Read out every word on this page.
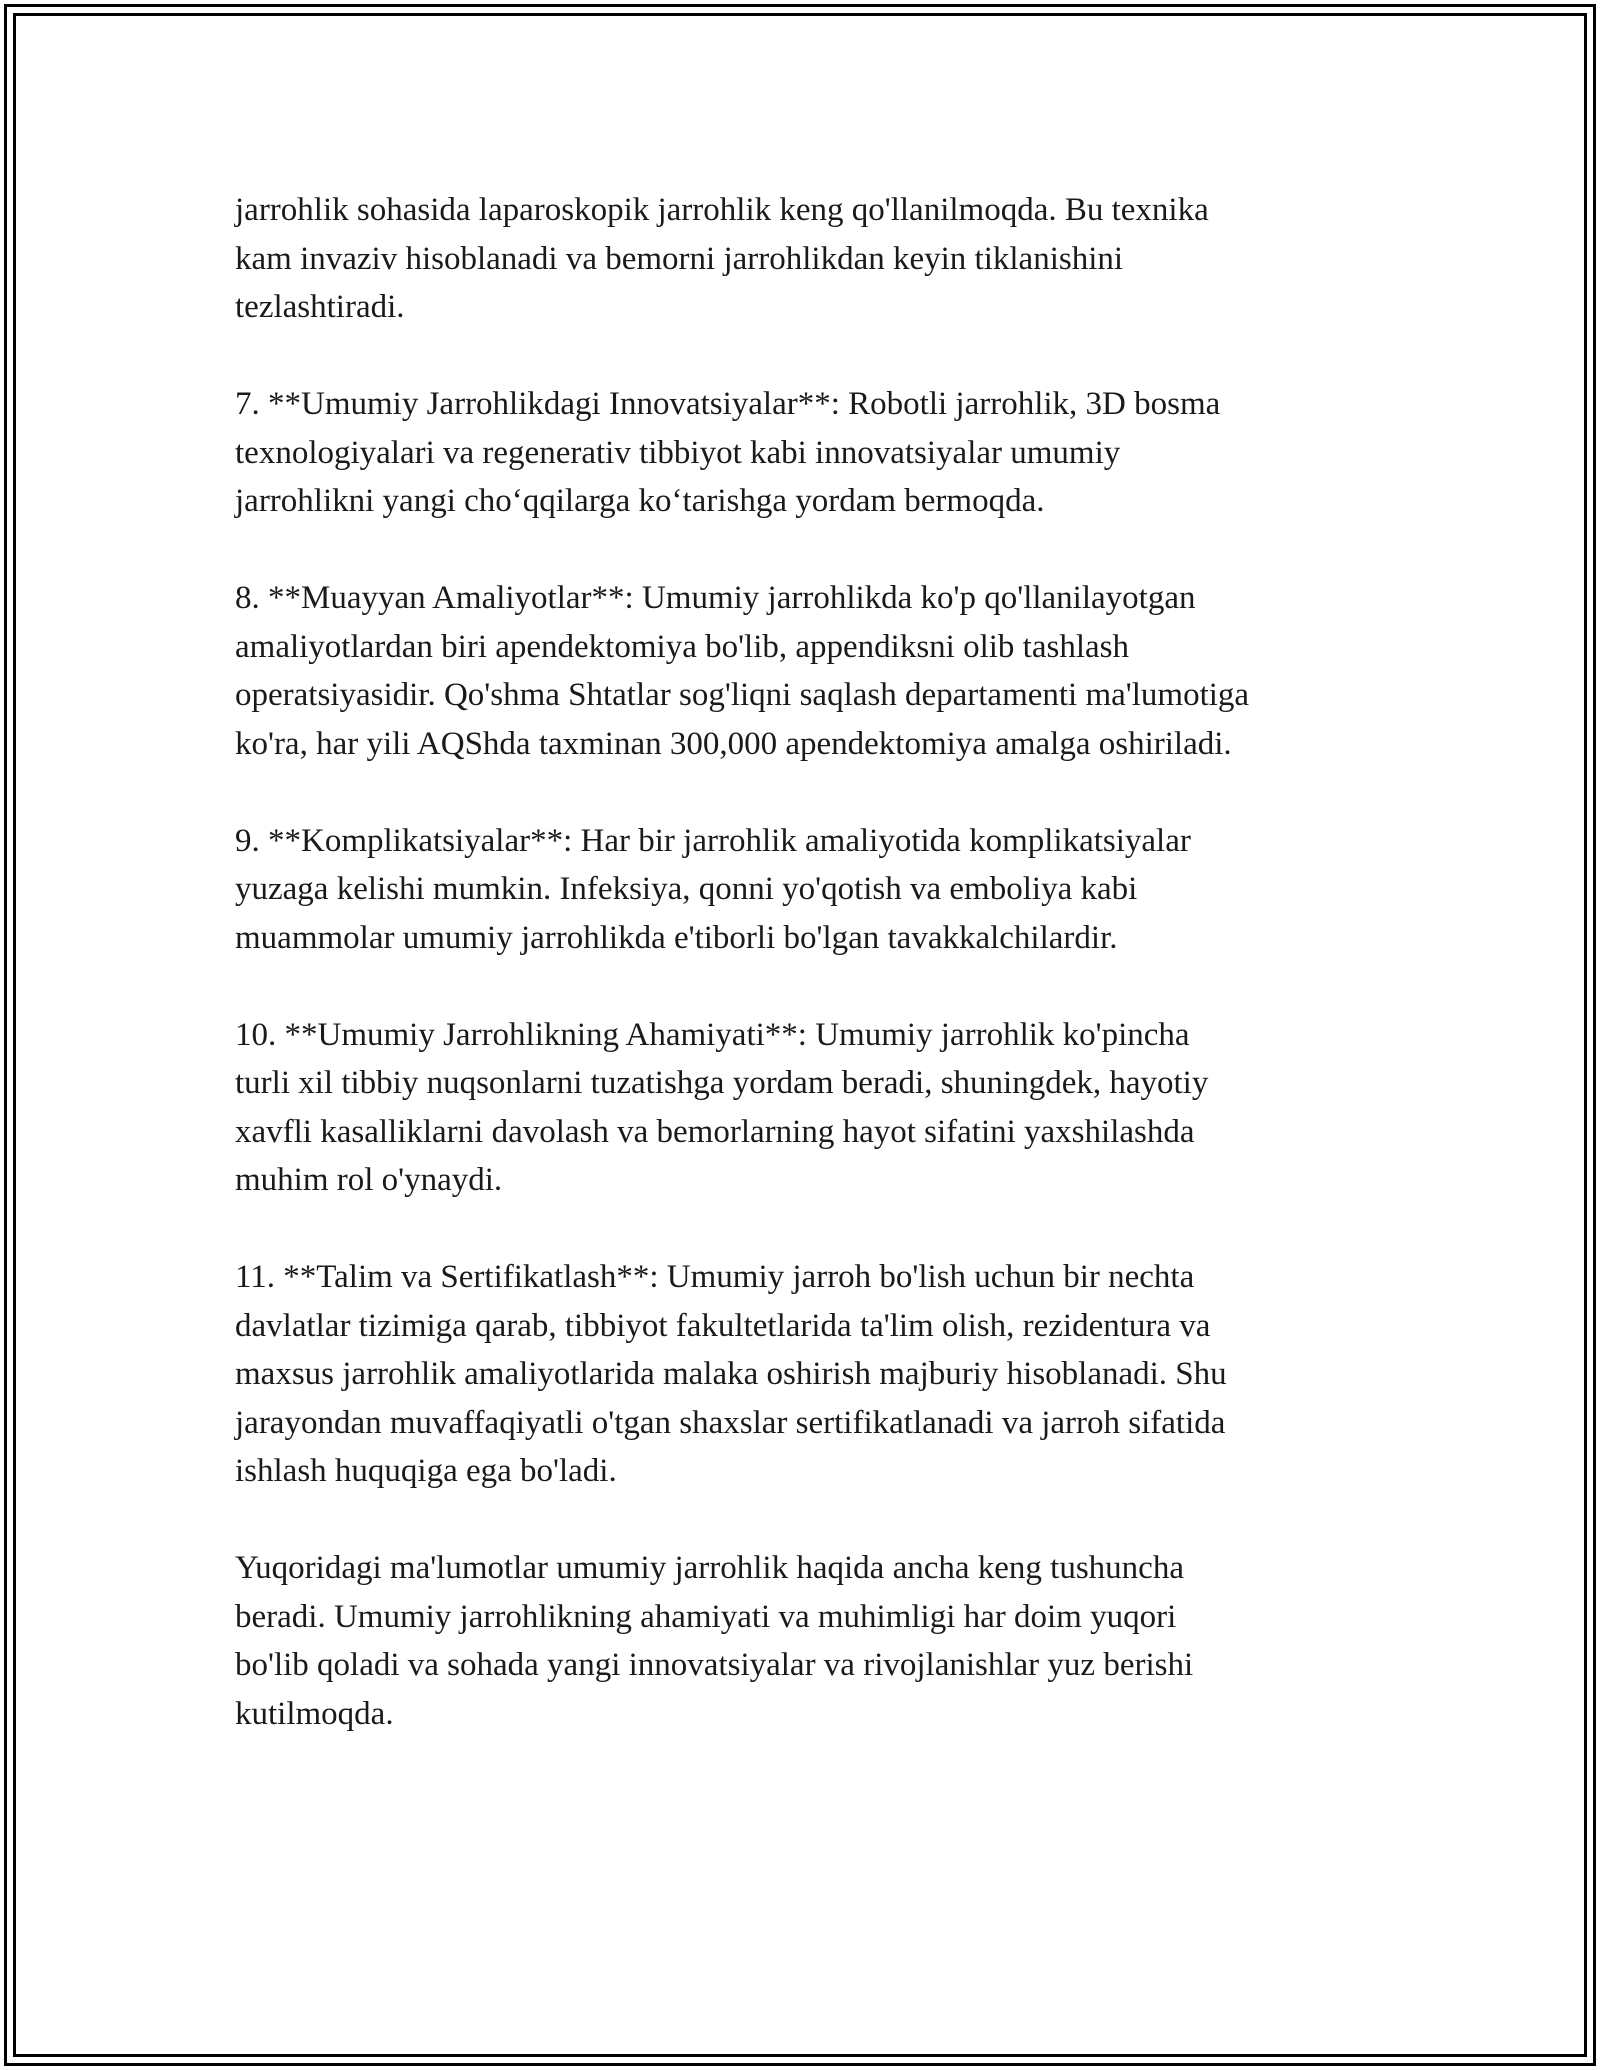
jarrohlik sohasida laparoskopik jarrohlik keng qo'llanilmoqda. Bu texnika
kam invaziv hisoblanadi va bemorni jarrohlikdan keyin tiklanishini
tezlashtiradi.

7. **Umumiy Jarrohlikdagi Innovatsiyalar**: Robotli jarrohlik, 3D bosma
texnologiyalari va regenerativ tibbiyot kabi innovatsiyalar umumiy
jarrohlikni yangi cho‘qqilarga ko‘tarishga yordam bermoqda.

8. **Muayyan Amaliyotlar**: Umumiy jarrohlikda ko'p qo'llanilayotgan
amaliyotlardan biri apendektomiya bo'lib, appendiksni olib tashlash
operatsiyasidir. Qo'shma Shtatlar sog'liqni saqlash departamenti ma'lumotiga
ko'ra, har yili AQShda taxminan 300,000 apendektomiya amalga oshiriladi.

9. **Komplikatsiyalar**: Har bir jarrohlik amaliyotida komplikatsiyalar
yuzaga kelishi mumkin. Infeksiya, qonni yo'qotish va emboliya kabi
muammolar umumiy jarrohlikda e'tiborli bo'lgan tavakkalchilardir.

10. **Umumiy Jarrohlikning Ahamiyati**: Umumiy jarrohlik ko'pincha
turli xil tibbiy nuqsonlarni tuzatishga yordam beradi, shuningdek, hayotiy
xavfli kasalliklarni davolash va bemorlarning hayot sifatini yaxshilashda
muhim rol o'ynaydi.

11. **Talim va Sertifikatlash**: Umumiy jarroh bo'lish uchun bir nechta
davlatlar tizimiga qarab, tibbiyot fakultetlarida ta'lim olish, rezidentura va
maxsus jarrohlik amaliyotlarida malaka oshirish majburiy hisoblanadi. Shu
jarayondan muvaffaqiyatli o'tgan shaxslar sertifikatlanadi va jarroh sifatida
ishlash huquqiga ega bo'ladi.

Yuqoridagi ma'lumotlar umumiy jarrohlik haqida ancha keng tushuncha
beradi. Umumiy jarrohlikning ahamiyati va muhimligi har doim yuqori
bo'lib qoladi va sohada yangi innovatsiyalar va rivojlanishlar yuz berishi
kutilmoqda.
